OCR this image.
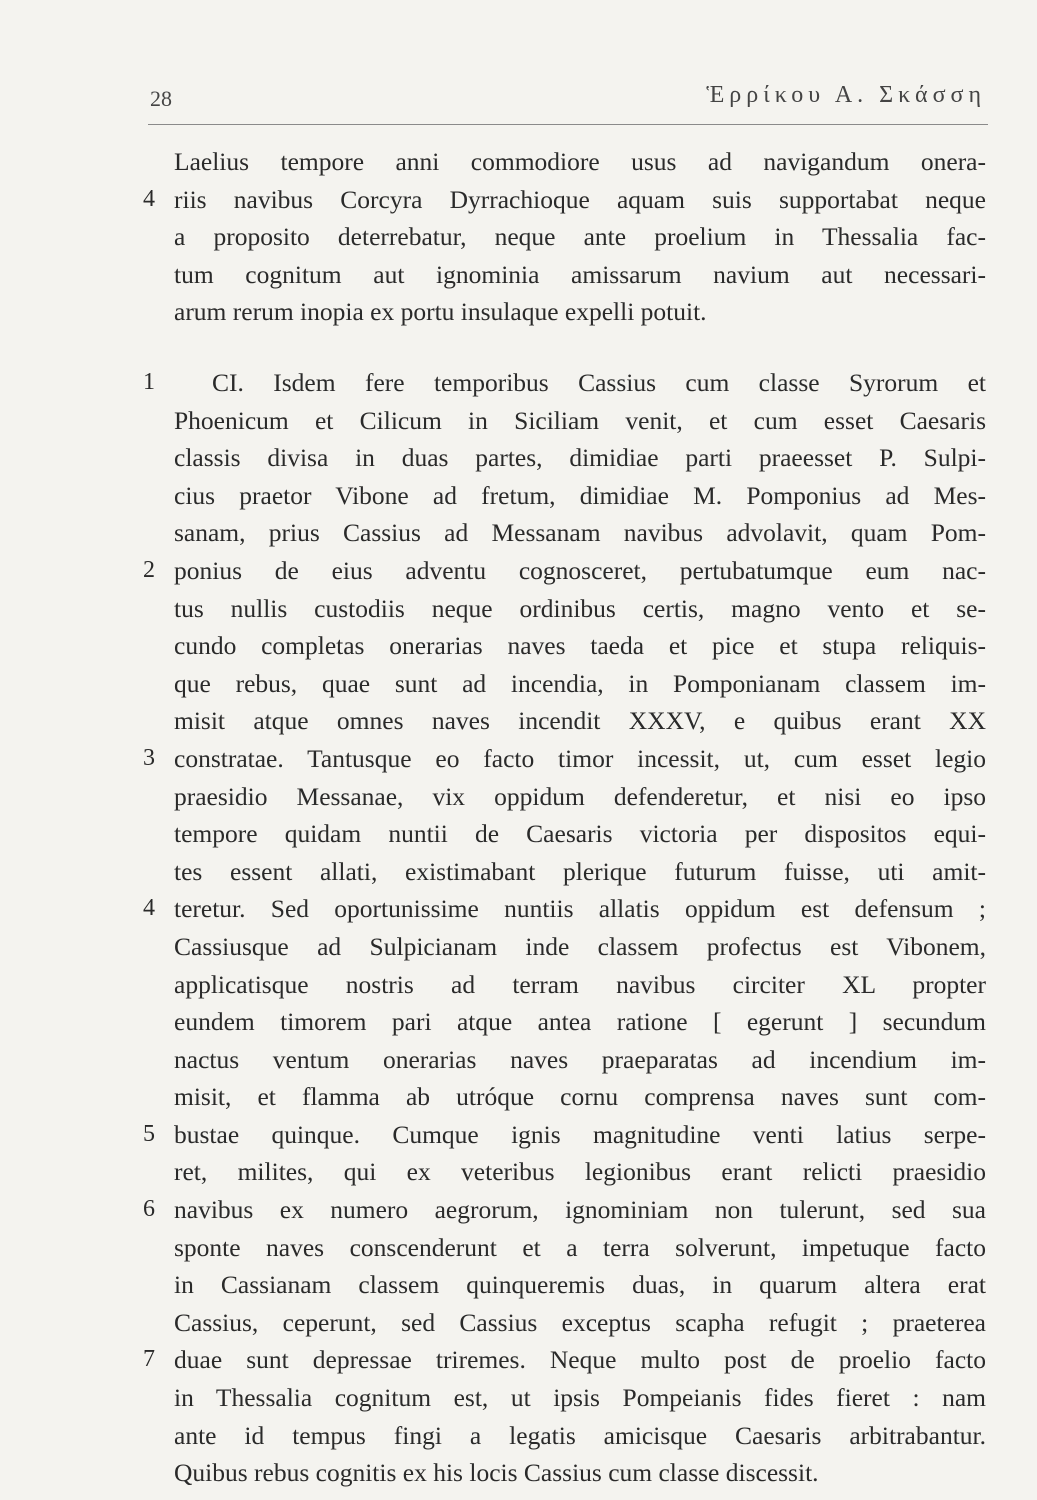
28	Ἑρρίκου Α. Σκάσση
Laelius tempore anni commodiore usus ad navigandum onera-
4 riis navibus Corcyra Dyrrachioque aquam suis supportabat neque
a proposito deterrebatur, neque ante proelium in Thessalia fac-
tum cognitum aut ignominia amissarum navium aut necessari-
arum rerum inopia ex portu insulaque expelli potuit.
1	CI. Isdem fere temporibus Cassius cum classe Syrorum et
Phoenicum et Cilicum in Siciliam venit, et cum esset Caesaris
classis divisa in duas partes, dimidiae parti praeesset P. Sulpi-
cius praetor Vibone ad fretum, dimidiae M. Pomponius ad Mes-
sanam, prius Cassius ad Messanam navibus advolavit, quam Pom-
2 ponius de eius adventu cognosceret, pertubatumque eum nac-
tus nullis custodiis neque ordinibus certis, magno vento et se-
cundo completas onerarias naves taeda et pice et stupa reliquis-
que rebus, quae sunt ad incendia, in Pomponianam classem im-
misit atque omnes naves incendit XXXV, e quibus erant XX
3 constratae. Tantusque eo facto timor incessit, ut, cum esset legio
praesidio Messanae, vix oppidum defenderetur, et nisi eo ipso
tempore quidam nuntii de Caesaris victoria per dispositos equi-
tes essent allati, existimabant plerique futurum fuisse, uti amit-
4 teretur. Sed oportunissime nuntiis allatis oppidum est defensum ;
Cassiusque ad Sulpicianam inde classem profectus est Vibonem,
applicatisque nostris ad terram navibus circiter XL propter
eundem timorem pari atque antea ratione [ egerunt ] secundum
nactus ventum onerarias naves praeparatas ad incendium im-
misit, et flamma ab utróque cornu comprensa naves sunt com-
5 bustae quinque. Cumque ignis magnitudine venti latius serpe-
ret, milites, qui ex veteribus legionibus erant relicti praesidio
6 navibus ex numero aegrorum, ignominiam non tulerunt, sed sua
sponte naves conscenderunt et a terra solverunt, impetuque facto
in Cassianam classem quinqueremis duas, in quarum altera erat
Cassius, ceperunt, sed Cassius exceptus scapha refugit ; praeterea
7 duae sunt depressae triremes. Neque multo post de proelio facto
in Thessalia cognitum est, ut ipsis Pompeianis fides fieret : nam
ante id tempus fingi a legatis amicisque Caesaris arbitrabantur.
Quibus rebus cognitis ex his locis Cassius cum classe discessit.
